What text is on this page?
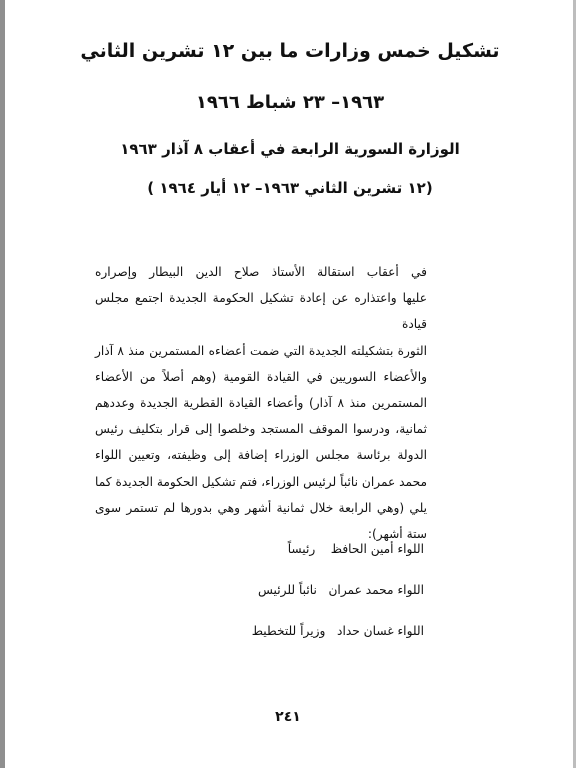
تشكيل خمس وزارات ما بين ١٢ تشرين الثاني
١٩٦٣– ٢٣ شباط ١٩٦٦
الوزارة السورية الرابعة في أعقاب ٨ آذار ١٩٦٣
(١٢ تشرين الثاني ١٩٦٣– ١٢ أيار ١٩٦٤ )

في أعقاب استقالة الأستاذ صلاح الدين البيطار وإصراره

عليها واعتذاره عن إعادة تشكيل الحكومة الجديدة اجتمع مجلس قيادة

الثورة بتشكيلته الجديدة التي ضمت أعضاءه المستمرين منذ ٨ آذار

والأعضاء السوريين في القيادة القومية (وهم أصلاً من الأعضاء

المستمرين منذ ٨ آذار) وأعضاء القيادة القطرية الجديدة وعددهم

ثمانية، ودرسوا الموقف المستجد وخلصوا إلى قرار بتكليف رئيس

الدولة برئاسة مجلس الوزراء إضافة إلى وظيفته، وتعيين اللواء

محمد عمران نائباً لرئيس الوزراء، فتم تشكيل الحكومة الجديدة كما

يلي (وهي الرابعة خلال ثمانية أشهر وهي بدورها لم تستمر سوى

ستة أشهر):

اللواء أمين الحافظ    رئيساً
اللواء محمد عمران   نائباً للرئيس
اللواء غسان حداد   وزيراً للتخطيط
٢٤١
